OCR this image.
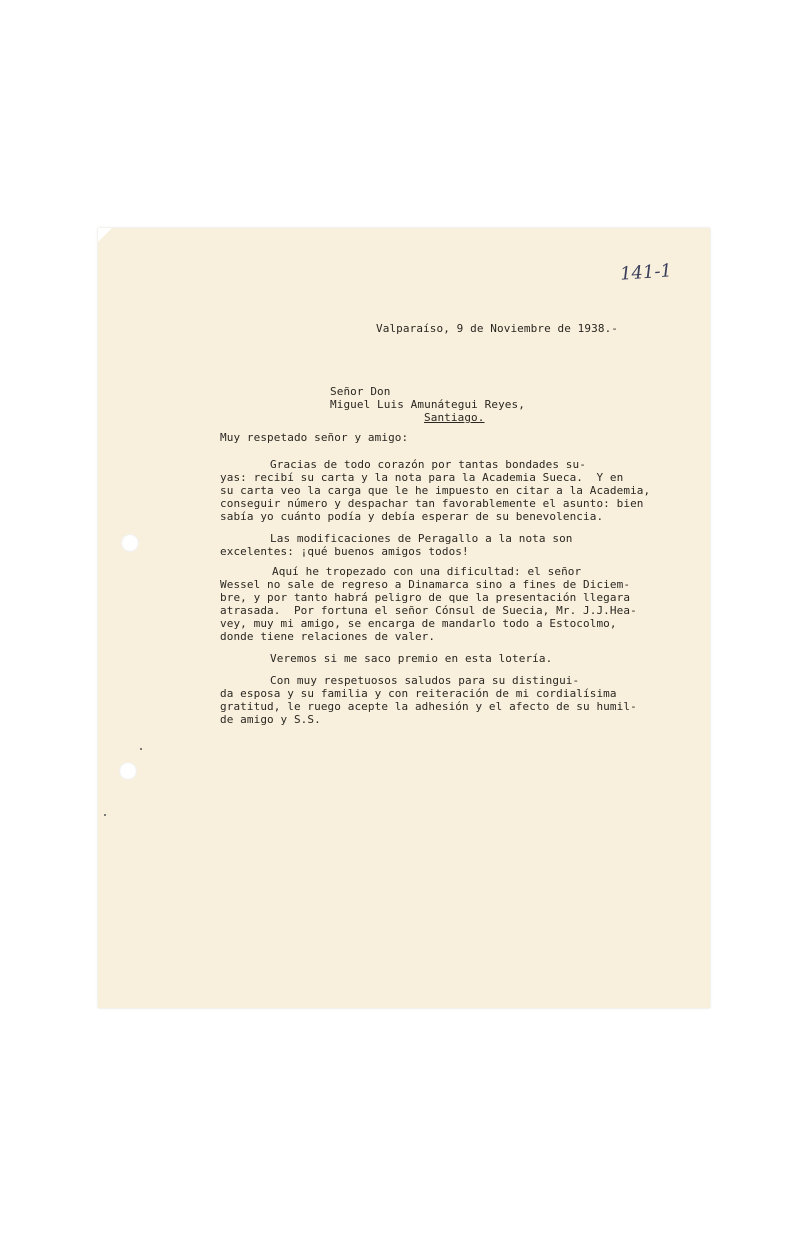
141-1
Valparaíso, 9 de Noviembre de 1938.-
Señor Don
Miguel Luis Amunátegui Reyes,
Santiago.
Muy respetado señor y amigo:
Gracias de todo corazón por tantas bondades su-
yas: recibí su carta y la nota para la Academia Sueca.  Y en
su carta veo la carga que le he impuesto en citar a la Academia,
conseguir número y despachar tan favorablemente el asunto: bien
sabía yo cuánto podía y debía esperar de su benevolencia.
Las modificaciones de Peragallo a la nota son
excelentes: ¡qué buenos amigos todos!
Aquí he tropezado con una dificultad: el señor
Wessel no sale de regreso a Dinamarca sino a fines de Diciem-
bre, y por tanto habrá peligro de que la presentación llegara
atrasada.  Por fortuna el señor Cónsul de Suecia, Mr. J.J.Hea-
vey, muy mi amigo, se encarga de mandarlo todo a Estocolmo,
donde tiene relaciones de valer.
Veremos si me saco premio en esta lotería.
Con muy respetuosos saludos para su distingui-
da esposa y su familia y con reiteración de mi cordialísima
gratitud, le ruego acepte la adhesión y el afecto de su humil-
de amigo y S.S.
